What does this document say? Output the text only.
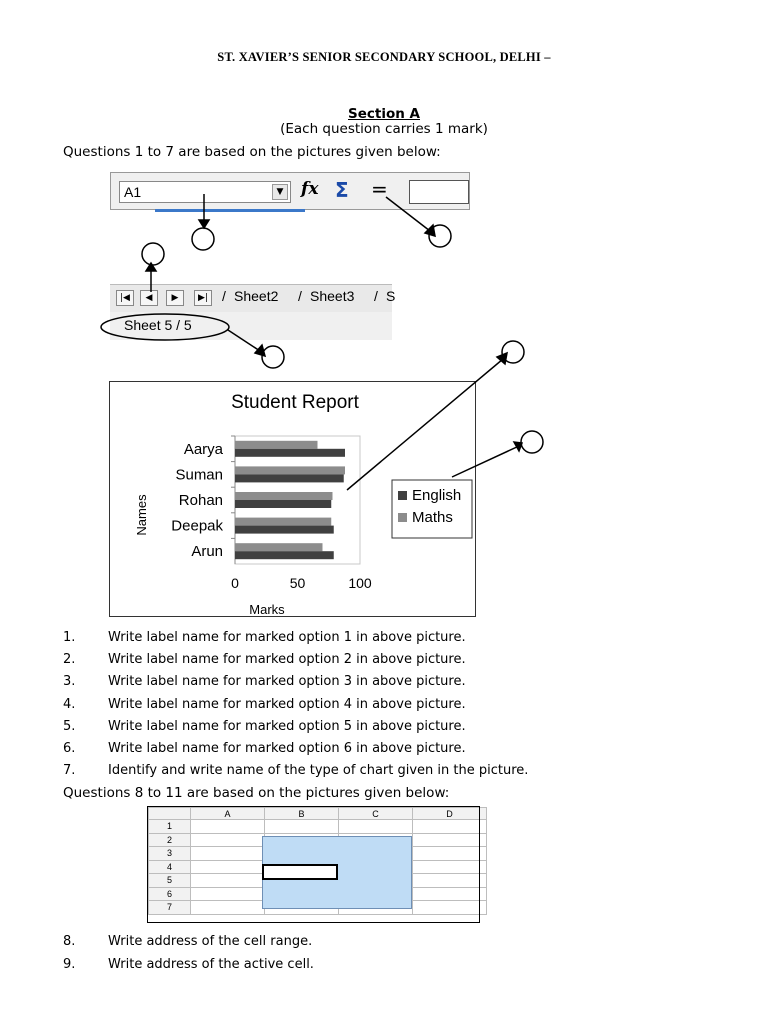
ST. XAVIER’S SENIOR SECONDARY SCHOOL, DELHI –
Section A
(Each question carries 1 mark)
Questions 1 to 7 are based on the pictures given below:
A1	▼ fx Σ =
|◀	◀	▶	▶| / Sheet2 / Sheet3 / S
Sheet 5 / 5
Student Report
Names
Marks
Aarya
Suman
Rohan
Deepak
Arun
0	50	100
English
Maths
1.	Write label name for marked option 1 in above picture.
2.	Write label name for marked option 2 in above picture.
3.	Write label name for marked option 3 in above picture.
4.	Write label name for marked option 4 in above picture.
5.	Write label name for marked option 5 in above picture.
6.	Write label name for marked option 6 in above picture.
7.	Identify and write name of the type of chart given in the picture.
Questions 8 to 11 are based on the pictures given below:
	A	B	C	D
1				
2				
3				
4				
5				
6				
7				
8.	Write address of the cell range.
9.	Write address of the active cell.
